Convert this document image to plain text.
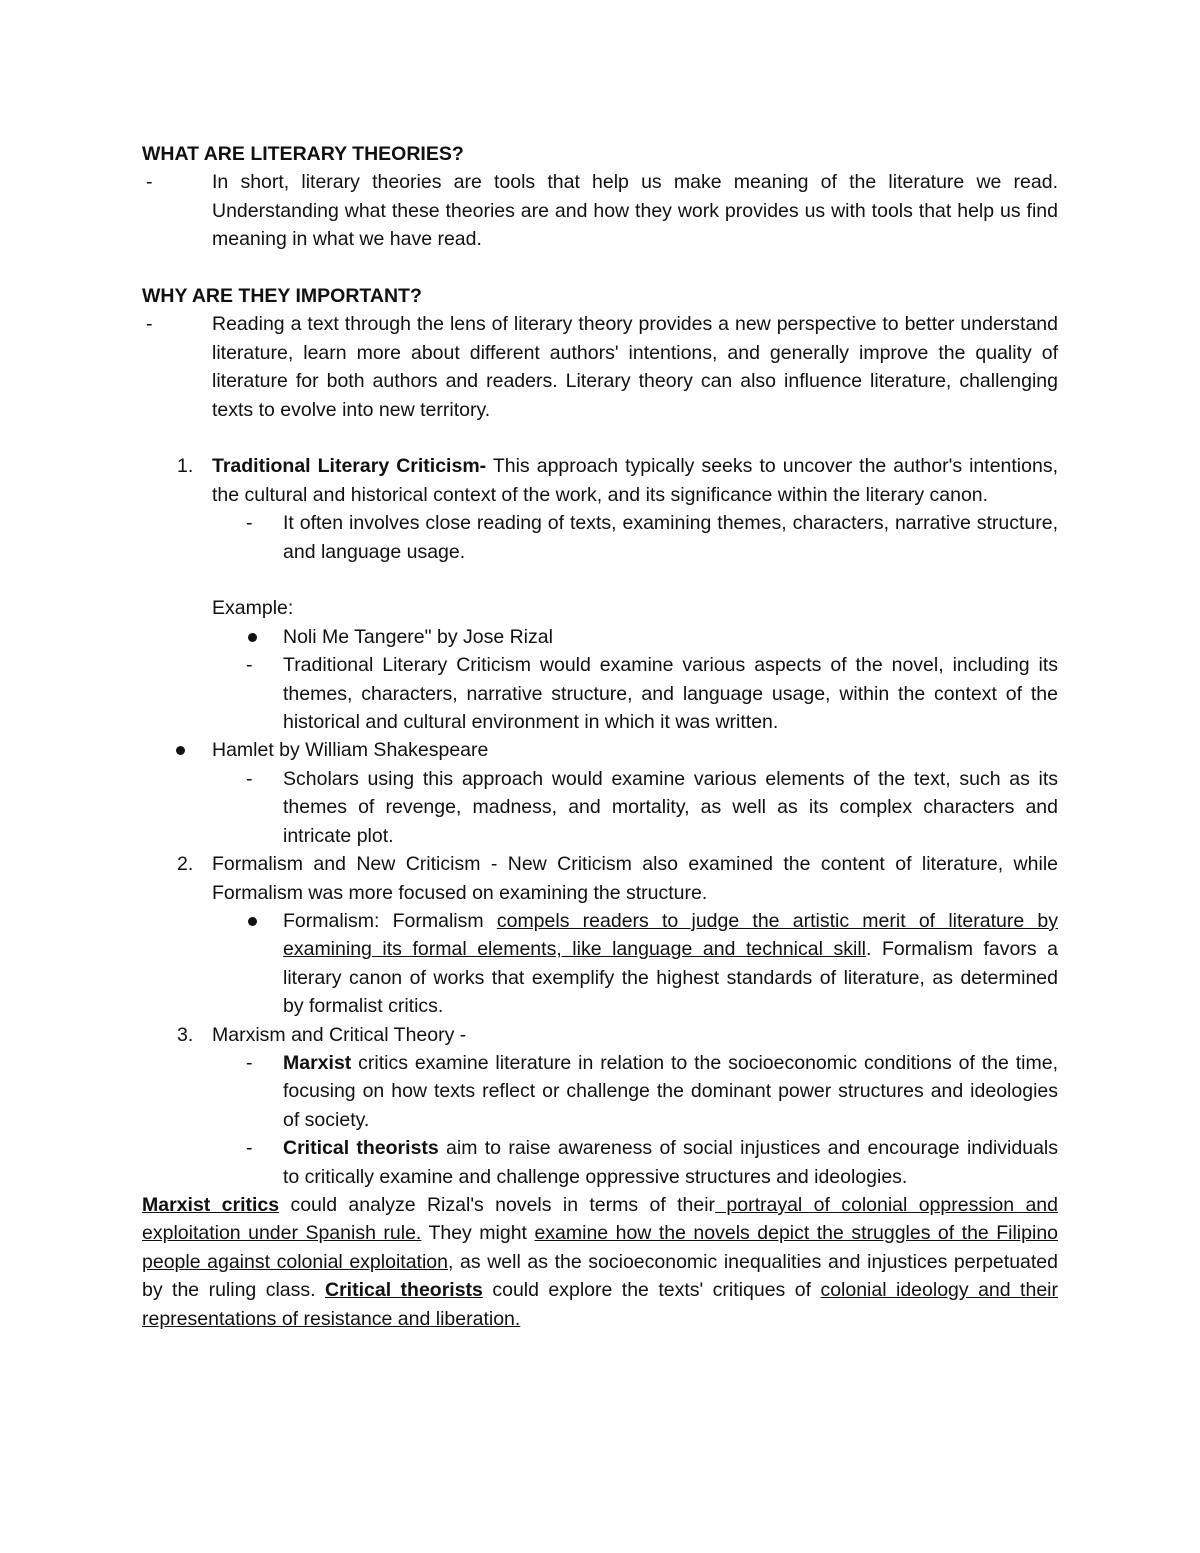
WHAT ARE LITERARY THEORIES?

-	In short, literary theories are tools that help us make meaning of the literature we read. Understanding what these theories are and how they work provides us with tools that help us find meaning in what we have read.

WHY ARE THEY IMPORTANT?

-	Reading a text through the lens of literary theory provides a new perspective to better understand literature, learn more about different authors' intentions, and generally improve the quality of literature for both authors and readers. Literary theory can also influence literature, challenging texts to evolve into new territory.
1. Traditional Literary Criticism- This approach typically seeks to uncover the author's intentions, the cultural and historical context of the work, and its significance within the literary canon.
- It often involves close reading of texts, examining themes, characters, narrative structure, and language usage.
Example:
Noli Me Tangere" by Jose Rizal
- Traditional Literary Criticism would examine various aspects of the novel, including its themes, characters, narrative structure, and language usage, within the context of the historical and cultural environment in which it was written.
Hamlet by William Shakespeare
- Scholars using this approach would examine various elements of the text, such as its themes of revenge, madness, and mortality, as well as its complex characters and intricate plot.
2. Formalism and New Criticism - New Criticism also examined the content of literature, while Formalism was more focused on examining the structure.
Formalism: Formalism compels readers to judge the artistic merit of literature by examining its formal elements, like language and technical skill. Formalism favors a literary canon of works that exemplify the highest standards of literature, as determined by formalist critics.
3. Marxism and Critical Theory -
- Marxist critics examine literature in relation to the socioeconomic conditions of the time, focusing on how texts reflect or challenge the dominant power structures and ideologies of society.
- Critical theorists aim to raise awareness of social injustices and encourage individuals to critically examine and challenge oppressive structures and ideologies.
Marxist critics could analyze Rizal's novels in terms of their portrayal of colonial oppression and exploitation under Spanish rule. They might examine how the novels depict the struggles of the Filipino people against colonial exploitation, as well as the socioeconomic inequalities and injustices perpetuated by the ruling class. Critical theorists could explore the texts' critiques of colonial ideology and their representations of resistance and liberation.
